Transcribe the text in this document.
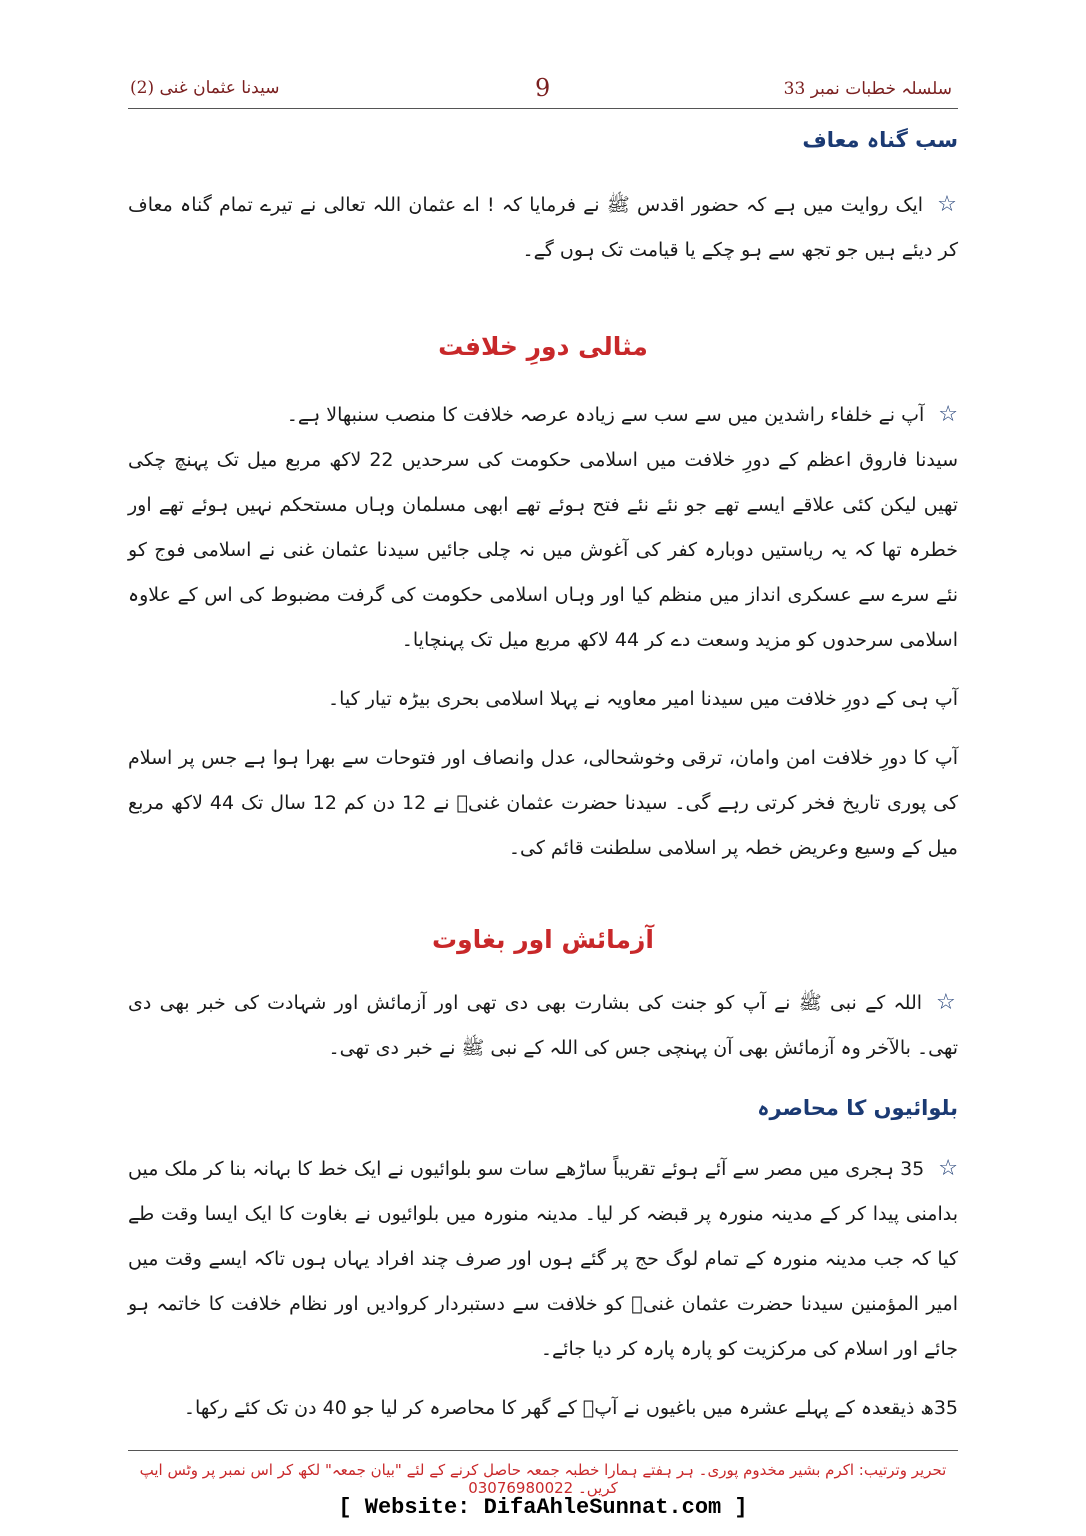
سلسلہ خطبات نمبر 33
9
سیدنا عثمان غنی (2)
سب گناہ معاف

☆ایک روایت میں ہے کہ حضور اقدس ﷺ نے فرمایا کہ ! اے عثمان اللہ تعالی نے تیرے تمام گناہ معاف کر دیئے ہیں جو تجھ سے ہو چکے یا قیامت تک ہوں گے۔

مثالی دورِ خلافت

☆آپ نے خلفاء راشدین میں سے سب سے زیادہ عرصہ خلافت کا منصب سنبھالا ہے۔

سیدنا فاروق اعظم کے دورِ خلافت میں اسلامی حکومت کی سرحدیں 22 لاکھ مربع میل تک پہنچ چکی تھیں لیکن کئی علاقے ایسے تھے جو نئے نئے فتح ہوئے تھے ابھی مسلمان وہاں مستحکم نہیں ہوئے تھے اور خطرہ تھا کہ یہ ریاستیں دوبارہ کفر کی آغوش میں نہ چلی جائیں سیدنا عثمان غنی نے اسلامی فوج کو نئے سرے سے عسکری انداز میں منظم کیا اور وہاں اسلامی حکومت کی گرفت مضبوط کی اس کے علاوہ اسلامی سرحدوں کو مزید وسعت دے کر 44 لاکھ مربع میل تک پہنچایا۔

آپ ہی کے دورِ خلافت میں سیدنا امیر معاویہ نے پہلا اسلامی بحری بیڑہ تیار کیا۔

آپ کا دورِ خلافت امن وامان، ترقی وخوشحالی، عدل وانصاف اور فتوحات سے بھرا ہوا ہے جس پر اسلام کی پوری تاریخ فخر کرتی رہے گی۔ سیدنا حضرت عثمان غنیؓ نے 12 دن کم 12 سال تک 44 لاکھ مربع میل کے وسیع وعریض خطہ پر اسلامی سلطنت قائم کی۔

آزمائش اور بغاوت

☆اللہ کے نبی ﷺ نے آپ کو جنت کی بشارت بھی دی تھی اور آزمائش اور شہادت کی خبر بھی دی تھی۔ بالآخر وہ آزمائش بھی آن پہنچی جس کی اللہ کے نبی ﷺ نے خبر دی تھی۔

بلوائیوں کا محاصرہ

☆35 ہجری میں مصر سے آئے ہوئے تقریباً ساڑھے سات سو بلوائیوں نے ایک خط کا بہانہ بنا کر ملک میں بدامنی پیدا کر کے مدینہ منورہ پر قبضہ کر لیا۔ مدینہ منورہ میں بلوائیوں نے بغاوت کا ایک ایسا وقت طے کیا کہ جب مدینہ منورہ کے تمام لوگ حج پر گئے ہوں اور صرف چند افراد یہاں ہوں تاکہ ایسے وقت میں امیر المؤمنین سیدنا حضرت عثمان غنیؓ کو خلافت سے دستبردار کروادیں اور نظام خلافت کا خاتمہ ہو جائے اور اسلام کی مرکزیت کو پارہ پارہ کر دیا جائے۔

35ھ ذیقعدہ کے پہلے عشرہ میں باغیوں نے آپؓ کے گھر کا محاصرہ کر لیا جو 40 دن تک کئے رکھا۔

تحریر وترتیب: اکرم بشیر مخدوم پوری۔ ہر ہفتے ہمارا خطبہ جمعہ حاصل کرنے کے لئے "بیان جمعہ" لکھ کر اس نمبر پر وٹس ایپ کریں۔ 03076980022
[ Website: DifaAhleSunnat.com ]
